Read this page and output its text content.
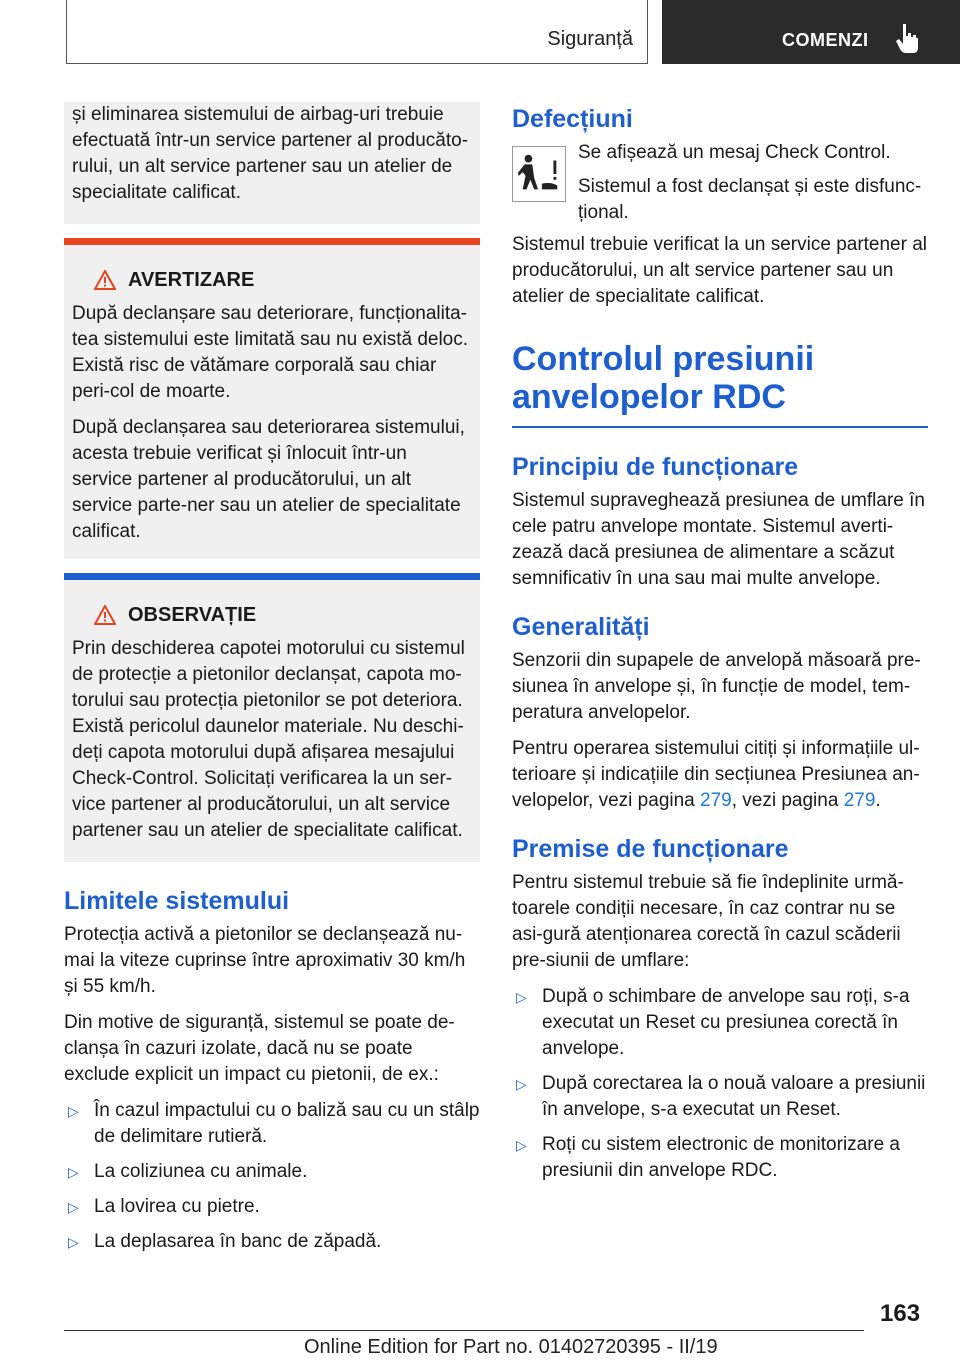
Siguranță	COMENZI

și eliminarea sistemului de airbag-uri trebuie efectuată într-un service partener al producăto-rului, un alt service partener sau un atelier de specialitate calificat.

AVERTIZARE

După declanșare sau deteriorare, funcționalita-tea sistemului este limitată sau nu există deloc. Există risc de vătămare corporală sau chiar peri-col de moarte.

După declanșarea sau deteriorarea sistemului, acesta trebuie verificat și înlocuit într-un service partener al producătorului, un alt service parte-ner sau un atelier de specialitate calificat.

OBSERVAȚIE

Prin deschiderea capotei motorului cu sistemul de protecție a pietonilor declanșat, capota mo-torului sau protecția pietonilor se pot deteriora. Există pericolul daunelor materiale. Nu deschi-deți capota motorului după afișarea mesajului Check-Control. Solicitați verificarea la un ser-vice partener al producătorului, un alt service partener sau un atelier de specialitate calificat.

Limitele sistemului

Protecția activă a pietonilor se declanșează nu-mai la viteze cuprinse între aproximativ 30 km/h și 55 km/h.

Din motive de siguranță, sistemul se poate de-clanșa în cazuri izolate, dacă nu se poate exclude explicit un impact cu pietonii, de ex.:

▷ În cazul impactului cu o baliză sau cu un stâlp de delimitare rutieră.
▷ La coliziunea cu animale.
▷ La lovirea cu pietre.
▷ La deplasarea în banc de zăpadă.
Defecțiuni

Se afișează un mesaj Check Control.

Sistemul a fost declanșat și este disfunc-țional.

Sistemul trebuie verificat la un service partener al producătorului, un alt service partener sau un atelier de specialitate calificat.

Controlul presiunii
anvelopelor RDC
Principiu de funcționare

Sistemul supraveghează presiunea de umflare în cele patru anvelope montate. Sistemul averti-zează dacă presiunea de alimentare a scăzut semnificativ în una sau mai multe anvelope.

Generalități

Senzorii din supapele de anvelopă măsoară pre-siunea în anvelope și, în funcție de model, tem-peratura anvelopelor.

Pentru operarea sistemului citiți și informațiile ul-terioare și indicațiile din secțiunea Presiunea an-velopelor, vezi pagina 279, vezi pagina 279.

Premise de funcționare

Pentru sistemul trebuie să fie îndeplinite urmă-toarele condiții necesare, în caz contrar nu se asi-gură atenționarea corectă în cazul scăderii pre-siunii de umflare:

▷ După o schimbare de anvelope sau roți, s-a executat un Reset cu presiunea corectă în anvelope.
▷ După corectarea la o nouă valoare a presiunii în anvelope, s-a executat un Reset.
▷ Roți cu sistem electronic de monitorizare a presiunii din anvelope RDC.
163
Online Edition for Part no. 01402720395 - II/19
